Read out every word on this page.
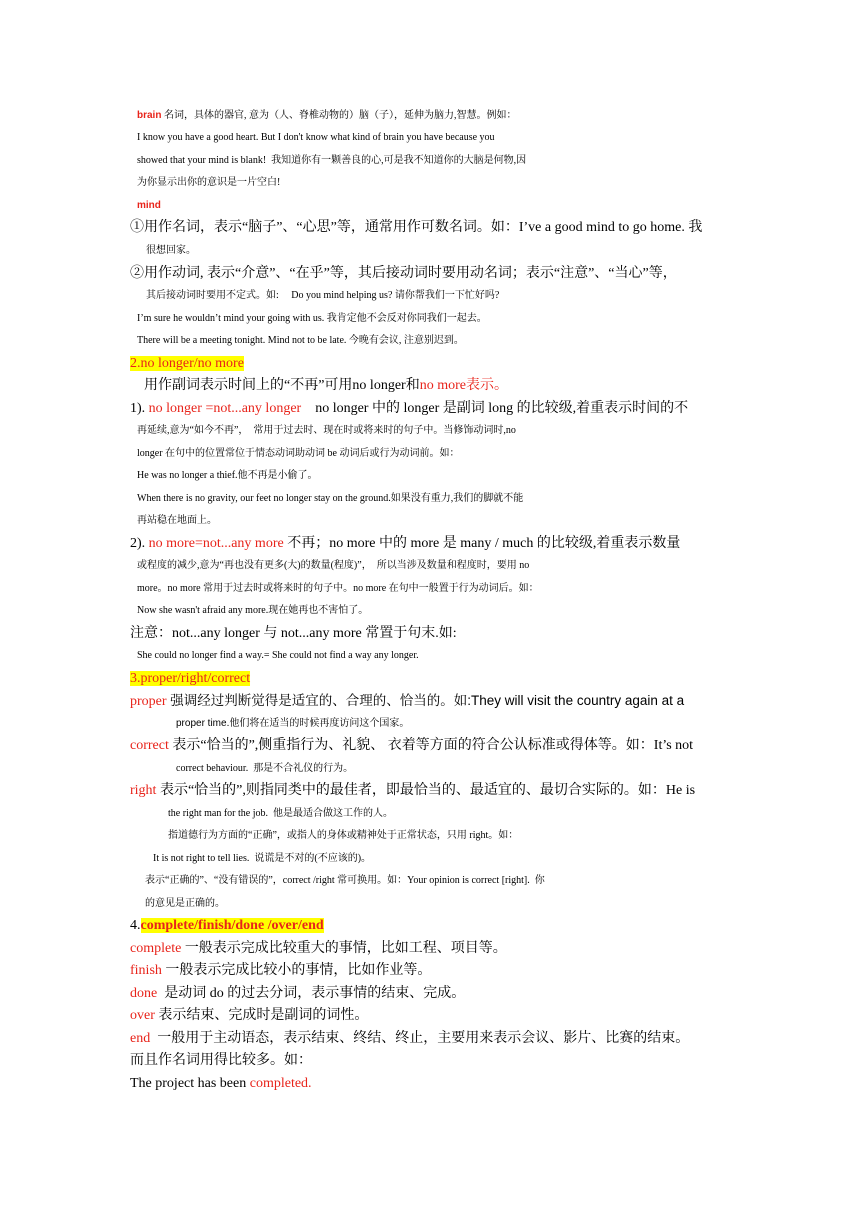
brain 名词，具体的器官, 意为（人、脊椎动物的）脑（子），延伸为脑力,智慧。例如：
I know you have a good heart. But I don't know what kind of brain you have because you
showed that your mind is blank!  我知道你有一颗善良的心,可是我不知道你的大脑是何物,因
为你显示出你的意识是一片空白!
mind
①用作名词，表示“脑子”、“心思”等，通常用作可数名词。如：I’ve a good mind to go home. 我
很想回家。
②用作动词, 表示“介意”、“在乎”等，其后接动词时要用动名词；表示“注意”、“当心”等，
其后接动词时要用不定式。如:     Do you mind helping us? 请你帮我们一下忙好吗?
I’m sure he wouldn’t mind your going with us. 我肯定他不会反对你同我们一起去。
There will be a meeting tonight. Mind not to be late. 今晚有会议, 注意别迟到。
2.no longer/no more
用作副词表示时间上的“不再”可用no longer和no more表示。
1). no longer =not...any longer    no longer 中的 longer 是副词 long 的比较级,着重表示时间的不
再延续,意为“如今不再”，  常用于过去时、现在时或将来时的句子中。当修饰动词时,no
longer 在句中的位置常位于情态动词助动词 be 动词后或行为动词前。如：
He was no longer a thief.他不再是小偷了。
When there is no gravity, our feet no longer stay on the ground.如果没有重力,我们的脚就不能
再站稳在地面上。
2). no more=not...any more 不再；no more 中的 more 是 many / much 的比较级,着重表示数量
或程度的减少,意为“再也没有更多(大)的数量(程度)”，  所以当涉及数量和程度时，要用 no
more。no more 常用于过去时或将来时的句子中。no more 在句中一般置于行为动词后。如：
Now she wasn't afraid any more.现在她再也不害怕了。
注意：not...any longer 与 not...any more 常置于句末.如:
She could no longer find a way.= She could not find a way any longer.
3.proper/right/correct
proper 强调经过判断觉得是适宜的、合理的、恰当的。如:They will visit the country again at a
proper time.他们将在适当的时候再度访问这个国家。
correct 表示“恰当的”,侧重指行为、礼貌、 衣着等方面的符合公认标准或得体等。如：It’s not
correct behaviour.  那是不合礼仪的行为。
right 表示“恰当的”,则指同类中的最佳者，即最恰当的、最适宜的、最切合实际的。如：He is
the right man for the job.  他是最适合做这工作的人。
指道德行为方面的“正确”，或指人的身体或精神处于正常状态，只用 right。如：
It is not right to tell lies.  说谎是不对的(不应该的)。
表示“正确的”、“没有错误的”，correct /right 常可换用。如：Your opinion is correct [right].  你
的意见是正确的。
4.complete/finish/done /over/end
complete 一般表示完成比较重大的事情，比如工程、项目等。
finish 一般表示完成比较小的事情，比如作业等。
done  是动词 do 的过去分词，表示事情的结束、完成。
over 表示结束、完成时是副词的词性。
end  一般用于主动语态，表示结束、终结、终止，主要用来表示会议、影片、比赛的结束。
而且作名词用得比较多。如：
The project has been completed.
